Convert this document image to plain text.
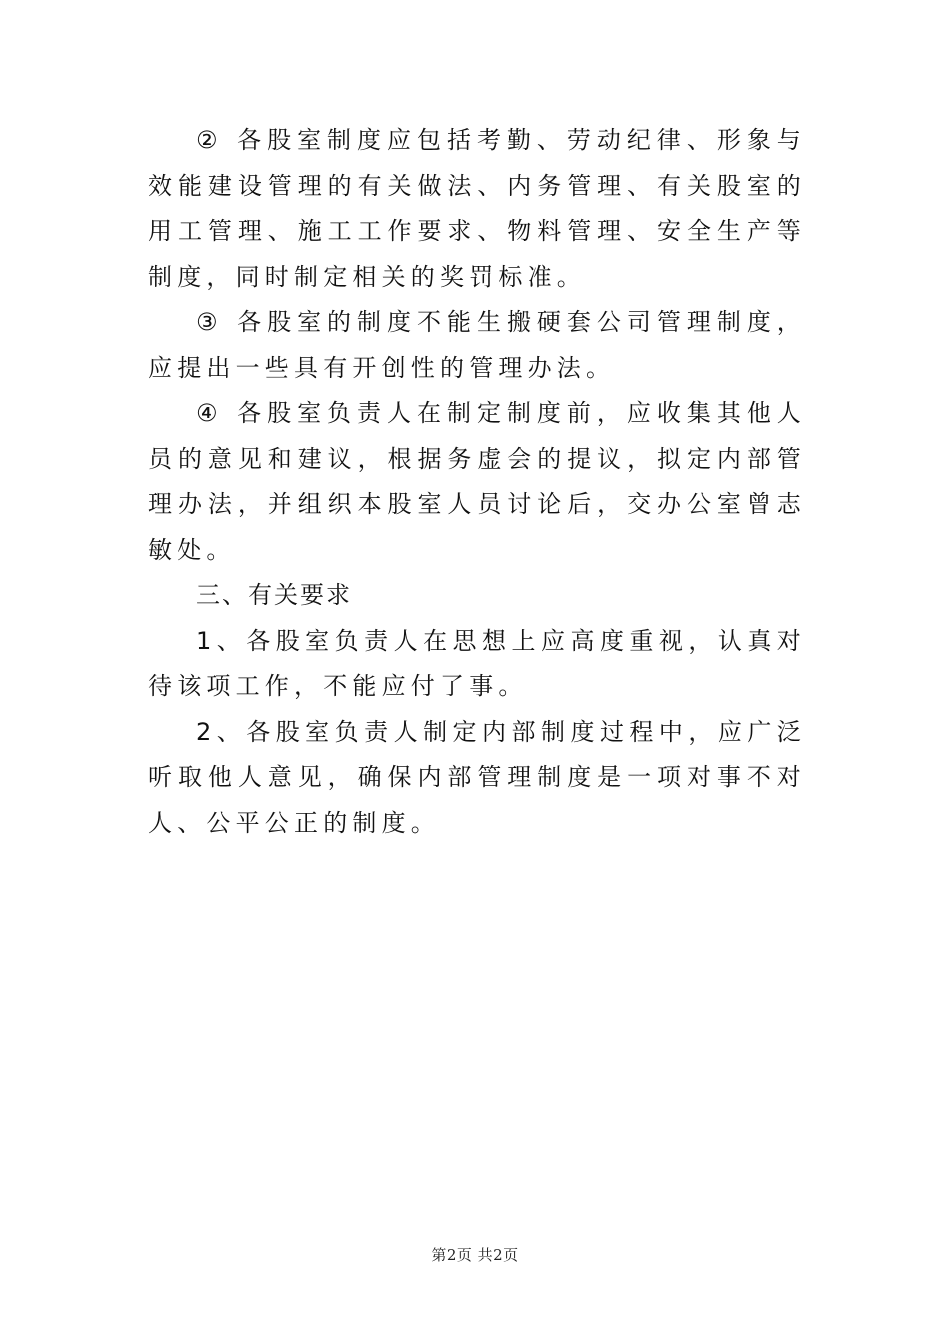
② 各股室制度应包括考勤、劳动纪律、形象与效能建设管理的有关做法、内务管理、有关股室的用工管理、施工工作要求、物料管理、安全生产等制度，同时制定相关的奖罚标准。

③ 各股室的制度不能生搬硬套公司管理制度，应提出一些具有开创性的管理办法。

④ 各股室负责人在制定制度前，应收集其他人员的意见和建议，根据务虚会的提议，拟定内部管理办法，并组织本股室人员讨论后，交办公室曾志敏处。

三、有关要求

1、各股室负责人在思想上应高度重视，认真对待该项工作，不能应付了事。

2、各股室负责人制定内部制度过程中，应广泛听取他人意见，确保内部管理制度是一项对事不对人、公平公正的制度。

第2页 共2页
